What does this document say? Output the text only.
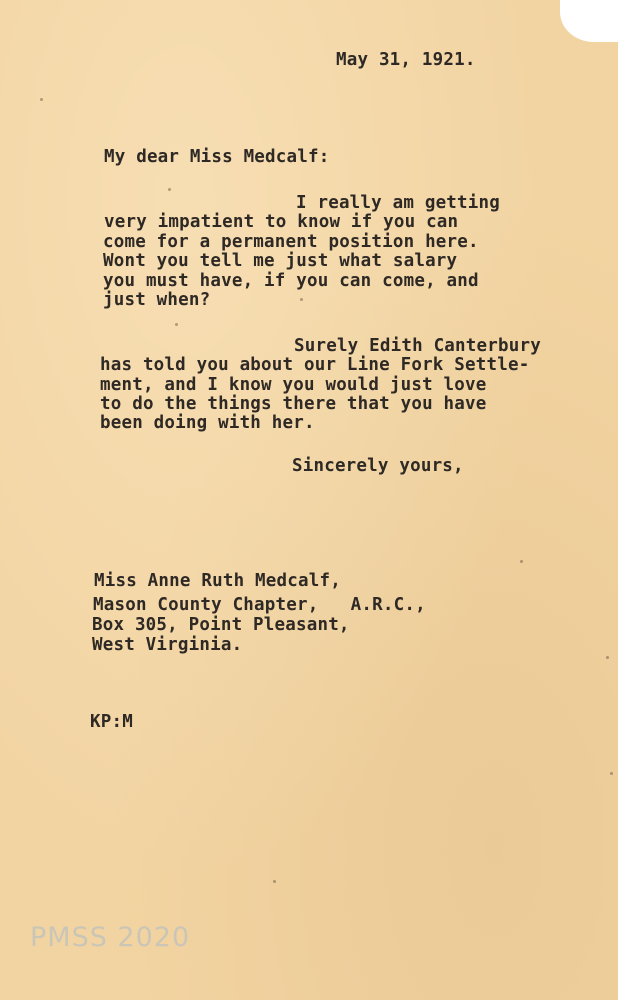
May 31, 1921.
My dear Miss Medcalf:
I really am getting
very impatient to know if you can
come for a permanent position here.
Wont you tell me just what salary
you must have, if you can come, and
just when?
Surely Edith Canterbury
has told you about our Line Fork Settle-
ment, and I know you would just love
to do the things there that you have
been doing with her.
Sincerely yours,
Miss Anne Ruth Medcalf,
Mason County Chapter,   A.R.C.,
Box 305, Point Pleasant,
West Virginia.
KP:M
PMSS 2020
